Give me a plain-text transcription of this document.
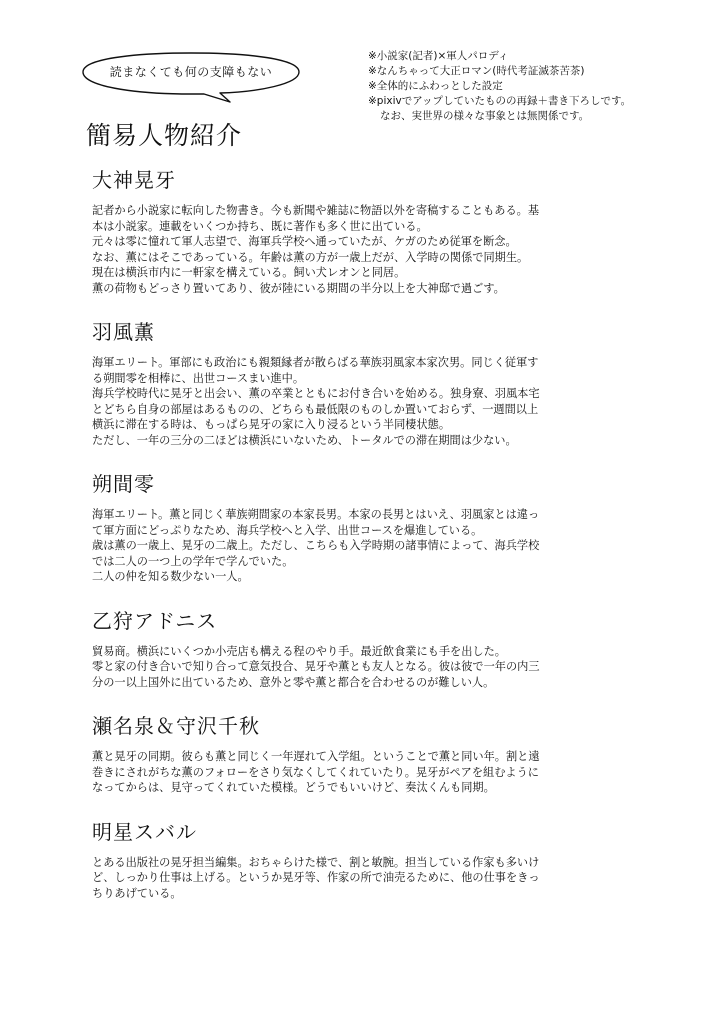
読まなくても何の支障もない
※小説家(記者)×軍人パロディ
※なんちゃって大正ロマン(時代考証滅茶苦茶)
※全体的にふわっとした設定
※pixivでアップしていたものの再録＋書き下ろしです。
なお、実世界の様々な事象とは無関係です。
簡易人物紹介
大神晃牙
記者から小説家に転向した物書き。今も新聞や雑誌に物語以外を寄稿することもある。基
本は小説家。連載をいくつか持ち、既に著作も多く世に出ている。
元々は零に憧れて軍人志望で、海軍兵学校へ通っていたが、ケガのため従軍を断念。
なお、薫にはそこであっている。年齢は薫の方が一歳上だが、入学時の関係で同期生。
現在は横浜市内に一軒家を構えている。飼い犬レオンと同居。
薫の荷物もどっさり置いてあり、彼が陸にいる期間の半分以上を大神邸で過ごす。
羽風薫
海軍エリート。軍部にも政治にも親類縁者が散らばる華族羽風家本家次男。同じく従軍す
る朔間零を相棒に、出世コースまい進中。
海兵学校時代に晃牙と出会い、薫の卒業とともにお付き合いを始める。独身寮、羽風本宅
とどちら自身の部屋はあるものの、どちらも最低限のものしか置いておらず、一週間以上
横浜に滞在する時は、もっぱら晃牙の家に入り浸るという半同棲状態。
ただし、一年の三分の二ほどは横浜にいないため、トータルでの滞在期間は少ない。
朔間零
海軍エリート。薫と同じく華族朔間家の本家長男。本家の長男とはいえ、羽風家とは違っ
て軍方面にどっぷりなため、海兵学校へと入学、出世コースを爆進している。
歳は薫の一歳上、晃牙の二歳上。ただし、こちらも入学時期の諸事情によって、海兵学校
では二人の一つ上の学年で学んでいた。
二人の仲を知る数少ない一人。
乙狩アドニス
貿易商。横浜にいくつか小売店も構える程のやり手。最近飲食業にも手を出した。
零と家の付き合いで知り合って意気投合、晃牙や薫とも友人となる。彼は彼で一年の内三
分の一以上国外に出ているため、意外と零や薫と都合を合わせるのが難しい人。
瀬名泉＆守沢千秋
薫と晃牙の同期。彼らも薫と同じく一年遅れて入学組。ということで薫と同い年。割と遠
巻きにされがちな薫のフォローをさり気なくしてくれていたり。晃牙がペアを組むように
なってからは、見守ってくれていた模様。どうでもいいけど、奏汰くんも同期。
明星スバル
とある出版社の晃牙担当編集。おちゃらけた様で、割と敏腕。担当している作家も多いけ
ど、しっかり仕事は上げる。というか晃牙等、作家の所で油売るために、他の仕事をきっ
ちりあげている。
